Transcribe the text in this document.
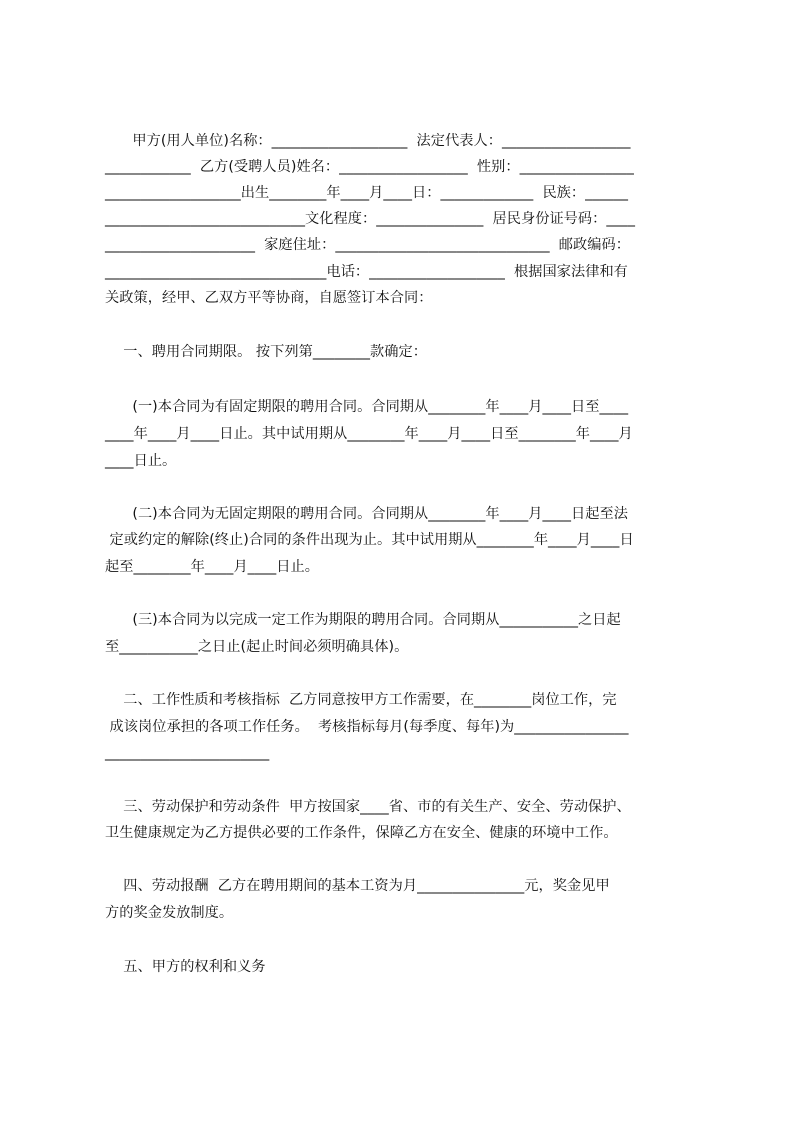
甲方(用人单位)名称：___________________  法定代表人：__________________
____________  乙方(受聘人员)姓名：__________________  性别：________________
___________________出生________年____月____日：_____________  民族：______
____________________________文化程度：_______________  居民身份证号码：____
_____________________  家庭住址：______________________________  邮政编码：
_______________________________电话：___________________  根据国家法律和有
关政策，经甲、乙双方平等协商，自愿签订本合同：
一、聘用合同期限。 按下列第________款确定：
(一)本合同为有固定期限的聘用合同。合同期从________年____月____日至____
____年____月____日止。其中试用期从________年____月____日至________年____月
____日止。
(二)本合同为无固定期限的聘用合同。合同期从________年____月____日起至法
定或约定的解除(终止)合同的条件出现为止。其中试用期从________年____月____日
起至________年____月____日止。
(三)本合同为以完成一定工作为期限的聘用合同。合同期从___________之日起
至___________之日止(起止时间必须明确具体)。
二、工作性质和考核指标  乙方同意按甲方工作需要，在________岗位工作，完
成该岗位承担的各项工作任务。  考核指标每月(每季度、每年)为________________
_______________________
三、劳动保护和劳动条件  甲方按国家____省、市的有关生产、安全、劳动保护、
卫生健康规定为乙方提供必要的工作条件，保障乙方在安全、健康的环境中工作。
四、劳动报酬  乙方在聘用期间的基本工资为月_______________元，奖金见甲
方的奖金发放制度。
五、甲方的权利和义务
